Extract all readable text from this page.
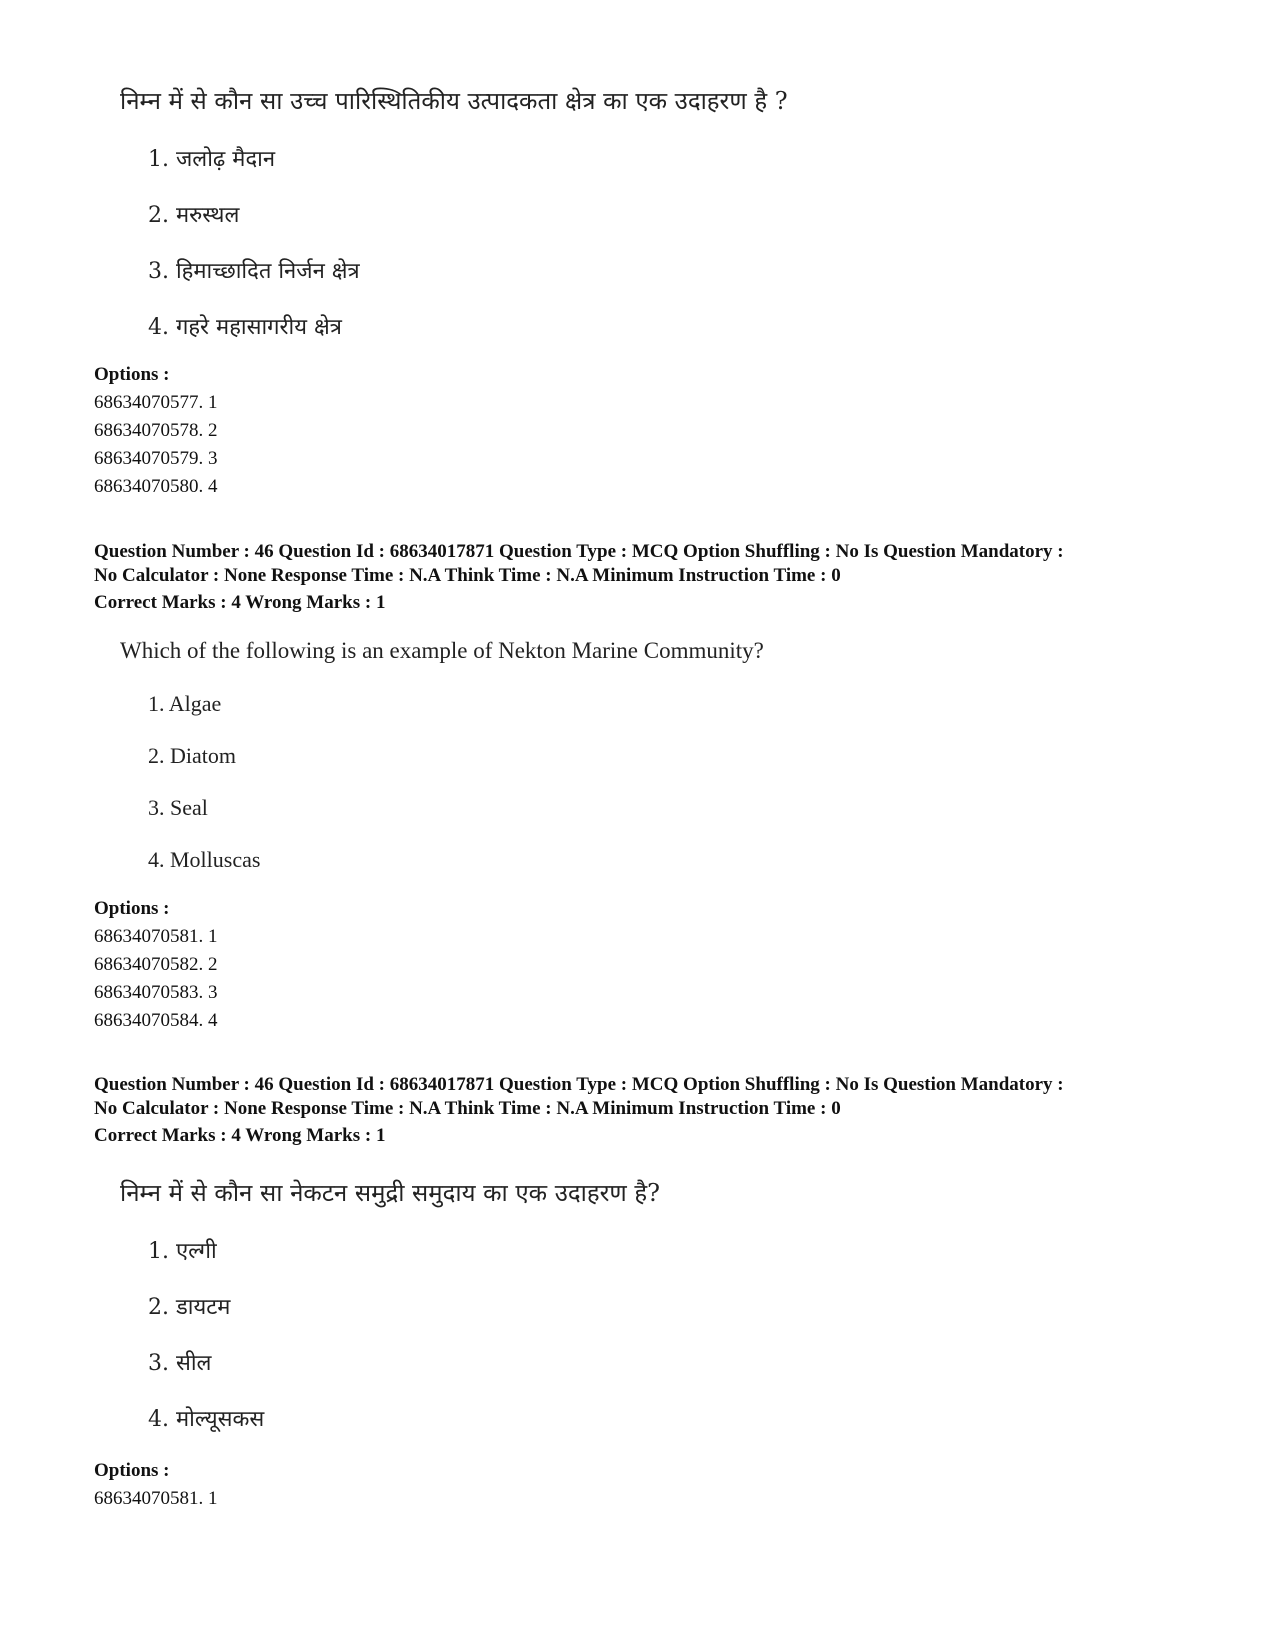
निम्न में से कौन सा उच्च पारिस्थितिकीय उत्पादकता क्षेत्र का एक उदाहरण है ?
1. जलोढ़ मैदान
2. मरुस्थल
3. हिमाच्छादित निर्जन क्षेत्र
4. गहरे महासागरीय क्षेत्र
Options :
68634070577. 1
68634070578. 2
68634070579. 3
68634070580. 4
Question Number : 46 Question Id : 68634017871 Question Type : MCQ Option Shuffling : No Is Question Mandatory :
No Calculator : None Response Time : N.A Think Time : N.A Minimum Instruction Time : 0
Correct Marks : 4 Wrong Marks : 1
Which of the following is an example of Nekton Marine Community?
1. Algae
2. Diatom
3. Seal
4. Molluscas
Options :
68634070581. 1
68634070582. 2
68634070583. 3
68634070584. 4
Question Number : 46 Question Id : 68634017871 Question Type : MCQ Option Shuffling : No Is Question Mandatory :
No Calculator : None Response Time : N.A Think Time : N.A Minimum Instruction Time : 0
Correct Marks : 4 Wrong Marks : 1
निम्न में से कौन सा नेकटन समुद्री समुदाय का एक उदाहरण है?
1. एल्गी
2. डायटम
3. सील
4. मोल्यूसकस
Options :
68634070581. 1
